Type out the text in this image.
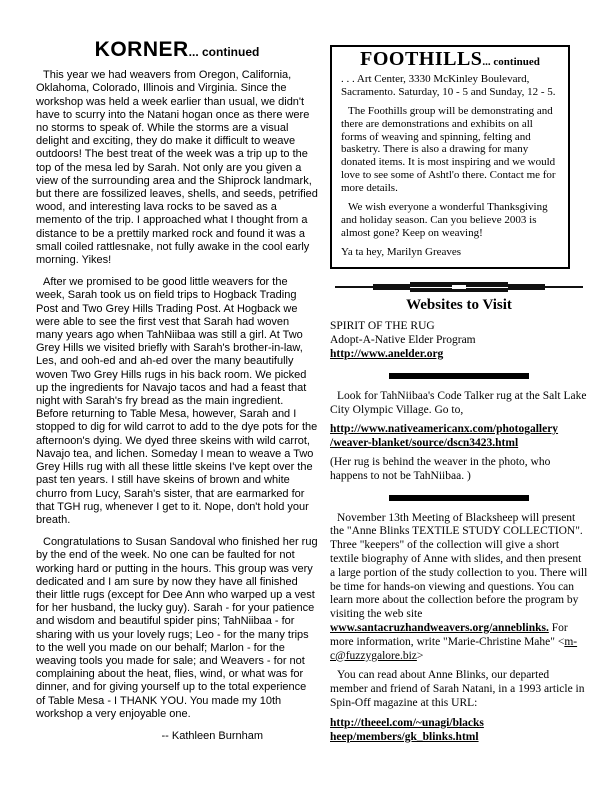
KORNER... continued

This year we had weavers from Oregon, California, Oklahoma, Colorado, Illinois and Virginia. Since the workshop was held a week earlier than usual, we didn't have to scurry into the Natani hogan once as there were no storms to speak of. While the storms are a visual delight and exciting, they do make it difficult to weave outdoors! The best treat of the week was a trip up to the top of the mesa led by Sarah. Not only are you given a view of the surrounding area and the Shiprock landmark, but there are fossilized leaves, shells, and seeds, petrified wood, and interesting lava rocks to be saved as a memento of the trip. I approached what I thought from a distance to be a prettily marked rock and found it was a small coiled rattlesnake, not fully awake in the cool early morning. Yikes!

After we promised to be good little weavers for the week, Sarah took us on field trips to Hogback Trading Post and Two Grey Hills Trading Post. At Hogback we were able to see the first vest that Sarah had woven many years ago when TahNiibaa was still a girl. At Two Grey Hills we visited briefly with Sarah's brother-in-law, Les, and ooh-ed and ah-ed over the many beautifully woven Two Grey Hills rugs in his back room. We picked up the ingredients for Navajo tacos and had a feast that night with Sarah's fry bread as the main ingredient. Before returning to Table Mesa, however, Sarah and I stopped to dig for wild carrot to add to the dye pots for the afternoon's dying. We dyed three skeins with wild carrot, Navajo tea, and lichen. Someday I mean to weave a Two Grey Hills rug with all these little skeins I've kept over the past ten years. I still have skeins of brown and white churro from Lucy, Sarah's sister, that are earmarked for that TGH rug, whenever I get to it. Nope, don't hold your breath.

Congratulations to Susan Sandoval who finished her rug by the end of the week. No one can be faulted for not working hard or putting in the hours. This group was very dedicated and I am sure by now they have all finished their little rugs (except for Dee Ann who warped up a vest for her husband, the lucky guy). Sarah - for your patience and wisdom and beautiful spider pins; TahNiibaa - for sharing with us your lovely rugs; Leo - for the many trips to the well you made on our behalf; Marlon - for the weaving tools you made for sale; and Weavers - for not complaining about the heat, flies, wind, or what was for dinner, and for giving yourself up to the total experience of Table Mesa - I THANK YOU. You made my 10th workshop a very enjoyable one.

-- Kathleen Burnham

FOOTHILLS... continued

. . . Art Center, 3330 McKinley Boulevard, Sacramento. Saturday, 10 - 5 and Sunday, 12 - 5.

The Foothills group will be demonstrating and there are demonstrations and exhibits on all forms of weaving and spinning, felting and basketry. There is also a drawing for many donated items. It is most inspiring and we would love to see some of Ashtl'o there. Contact me for more details.

We wish everyone a wonderful Thanksgiving and holiday season. Can you believe 2003 is almost gone? Keep on weaving!

Ya ta hey, Marilyn Greaves

Websites to Visit
SPIRIT OF THE RUG
Adopt-A-Native Elder Program
http://www.anelder.org

Look for TahNiibaa's Code Talker rug at the Salt Lake City Olympic Village. Go to,

http://www.nativeamericanx.com/photogallery
/weaver-blanket/source/dscn3423.html

(Her rug is behind the weaver in the photo, who happens to not be TahNiibaa. )

November 13th Meeting of Blacksheep will present the "Anne Blinks TEXTILE STUDY COLLECTION". Three "keepers" of the collection will give a short textile biography of Anne with slides, and then present a large portion of the study collection to you. There will be time for hands-on viewing and questions. You can learn more about the collection before the program by visiting the web site www.santacruzhandweavers.org/anneblinks. For more information, write "Marie-Christine Mahe" <m-c@fuzzygalore.biz>

You can read about Anne Blinks, our departed member and friend of Sarah Natani, in a 1993 article in Spin-Off magazine at this URL:

http://theeel.com/~unagi/blacks
heep/members/gk_blinks.html
